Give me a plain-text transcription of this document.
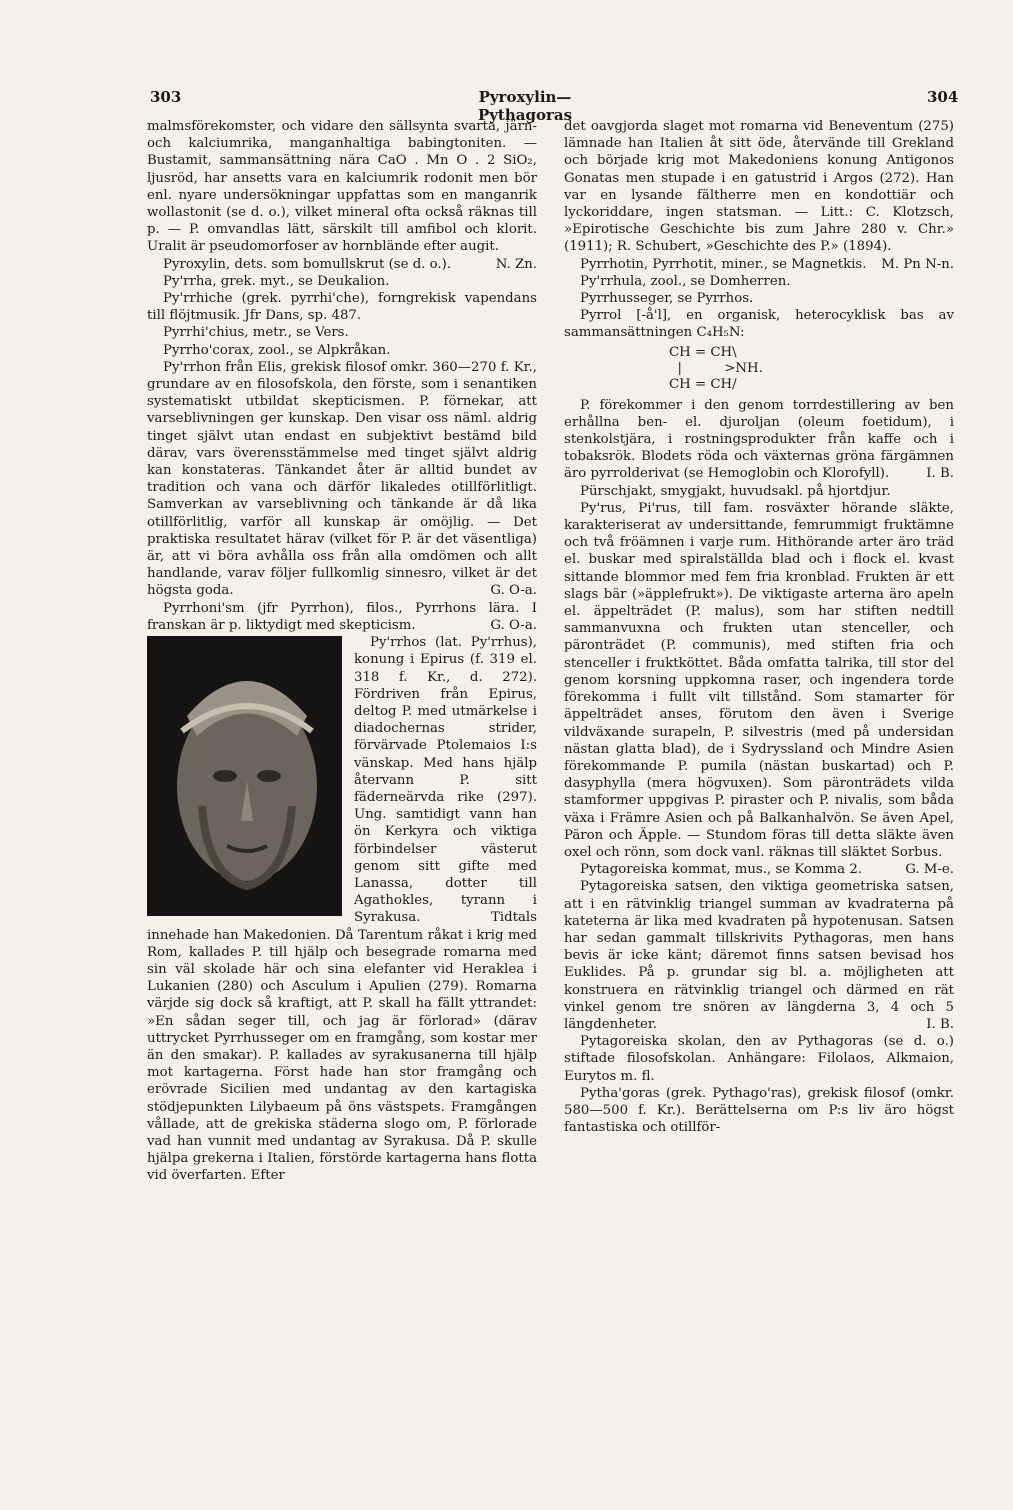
303	Pyroxylin—Pythagoras
304

malmsförekomster, och vidare den sällsynta svarta, järn- och kalciumrika, manganhaltiga babingtoniten. — Bustamit, sammansättning nära CaO . Mn O . 2 SiO₂, ljusröd, har ansetts vara en kalciumrik rodonit men bör enl. nyare undersökningar uppfattas som en manganrik wollastonit (se d. o.), vilket mineral ofta också räknas till p. — P. omvandlas lätt, särskilt till amfibol och klorit. Uralit är pseudomorfoser av hornblände efter augit.
N. Zn.

Pyroxylin, dets. som bomullskrut (se d. o.).

Py'rrha, grek. myt., se Deukalion.

Py'rrhiche (grek. pyrrhi'che), forngrekisk vapendans till flöjtmusik. Jfr Dans, sp. 487.

Pyrrhi'chius, metr., se Vers.

Pyrrho'corax, zool., se Alpkråkan.

Py'rrhon från Elis, grekisk filosof omkr. 360—270 f. Kr., grundare av en filosofskola, den förste, som i senantiken systematiskt utbildat skepticismen. P. förnekar, att varseblivningen ger kunskap. Den visar oss näml. aldrig tinget självt utan endast en subjektivt bestämd bild därav, vars överensstämmelse med tinget självt aldrig kan konstateras. Tänkandet åter är alltid bundet av tradition och vana och därför likaledes otillförlitligt. Samverkan av varseblivning och tänkande är då lika otillförlitlig, varför all kunskap är omöjlig. — Det praktiska resultatet härav (vilket för P. är det väsentliga) är, att vi böra avhålla oss från alla omdömen och allt handlande, varav följer fullkomlig sinnesro, vilket är det högsta goda.	G. O-a.

Pyrrhoni'sm (jfr Pyrrhon), filos., Pyrrhons lära. I franskan är p. liktydigt med skepticism.	G. O-a.

Py'rrhos (lat. Py'rrhus), konung i Epirus (f. 319 el. 318 f. Kr., d. 272). Fördriven från Epirus, deltog P. med utmärkelse i diadochernas strider, förvärvade Ptolemaios I:s vänskap. Med hans hjälp återvann P. sitt fäderneärvda rike (297). Ung. samtidigt vann han ön Kerkyra och viktiga förbindelser västerut genom sitt gifte med Lanassa, dotter till Agathokles, tyrann i Syrakusa. Tidtals innehade han Makedonien. Då Tarentum råkat i krig med Rom, kallades P. till hjälp och besegrade romarna med sin väl skolade här och sina elefanter vid Heraklea i Lukanien (280) och Asculum i Apulien (279). Romarna värjde sig dock så kraftigt, att P. skall ha fällt yttrandet: »En sådan seger till, och jag är förlorad» (därav uttrycket Pyrrhusseger om en framgång, som kostar mer än den smakar). P. kallades av syrakusanerna till hjälp mot kartagerna. Först hade han stor framgång och erövrade Sicilien med undantag av den kartagiska stödjepunkten Lilybaeum på öns västspets. Framgången vållade, att de grekiska städerna slogo om, P. förlorade vad han vunnit med undantag av Syrakusa. Då P. skulle hjälpa grekerna i Italien, förstörde kartagerna hans flotta vid överfarten. Efter

det oavgjorda slaget mot romarna vid Beneventum (275) lämnade han Italien åt sitt öde, återvände till Grekland och började krig mot Makedoniens konung Antigonos Gonatas men stupade i en gatustrid i Argos (272). Han var en lysande fältherre men en kondottiär och lyckoriddare, ingen statsman. — Litt.: C. Klotzsch, »Epirotische Geschichte bis zum Jahre 280 v. Chr.» (1911); R. Schubert, »Geschichte des P.» (1894).
M. Pn N-n.

Pyrrhotin, Pyrrhotit, miner., se Magnetkis.

Py'rrhula, zool., se Domherren.

Pyrrhusseger, se Pyrrhos.

Pyrrol [-å'l], en organisk, heterocyklisk bas av sammansättningen C₄H₅N:

CH = CH\
|          >NH.
CH = CH/

P. förekommer i den genom torrdestillering av ben erhållna ben- el. djuroljan (oleum foetidum), i stenkolstjära, i rostningsprodukter från kaffe och i tobaksrök. Blodets röda och växternas gröna färgämnen äro pyrrolderivat (se Hemoglobin och Klorofyll).	I. B.

Pürschjakt, smygjakt, huvudsakl. på hjortdjur.

Py'rus, Pi'rus, till fam. rosväxter hörande släkte, karakteriserat av undersittande, femrummigt fruktämne och två fröämnen i varje rum. Hithörande arter äro träd el. buskar med spiralställda blad och i flock el. kvast sittande blommor med fem fria kronblad. Frukten är ett slags bär (»äpplefrukt»). De viktigaste arterna äro apeln el. äppelträdet (P. malus), som har stiften nedtill sammanvuxna och frukten utan stenceller, och päronträdet (P. communis), med stiften fria och stenceller i fruktköttet. Båda omfatta talrika, till stor del genom korsning uppkomna raser, och ingendera torde förekomma i fullt vilt tillstånd. Som stamarter för äppelträdet anses, förutom den även i Sverige vildväxande surapeln, P. silvestris (med på undersidan nästan glatta blad), de i Sydryssland och Mindre Asien förekommande P. pumila (nästan buskartad) och P. dasyphylla (mera högvuxen). Som päronträdets vilda stamformer uppgivas P. piraster och P. nivalis, som båda växa i Främre Asien och på Balkanhalvön. Se även Apel, Päron och Äpple. — Stundom föras till detta släkte även oxel och rönn, som dock vanl. räknas till släktet Sorbus.
G. M-e.

Pytagoreiska kommat, mus., se Komma 2.

Pytagoreiska satsen, den viktiga geometriska satsen, att i en rätvinklig triangel summan av kvadraterna på kateterna är lika med kvadraten på hypotenusan. Satsen har sedan gammalt tillskrivits Pythagoras, men hans bevis är icke känt; däremot finns satsen bevisad hos Euklides. På p. grundar sig bl. a. möjligheten att konstruera en rätvinklig triangel och därmed en rät vinkel genom tre snören av längderna 3, 4 och 5 längdenheter.	I. B.

Pytagoreiska skolan, den av Pythagoras (se d. o.) stiftade filosofskolan. Anhängare: Filolaos, Alkmaion, Eurytos m. fl.

Pytha'goras (grek. Pythago'ras), grekisk filosof (omkr. 580—500 f. Kr.). Berättelserna om P:s liv äro högst fantastiska och otillför-
